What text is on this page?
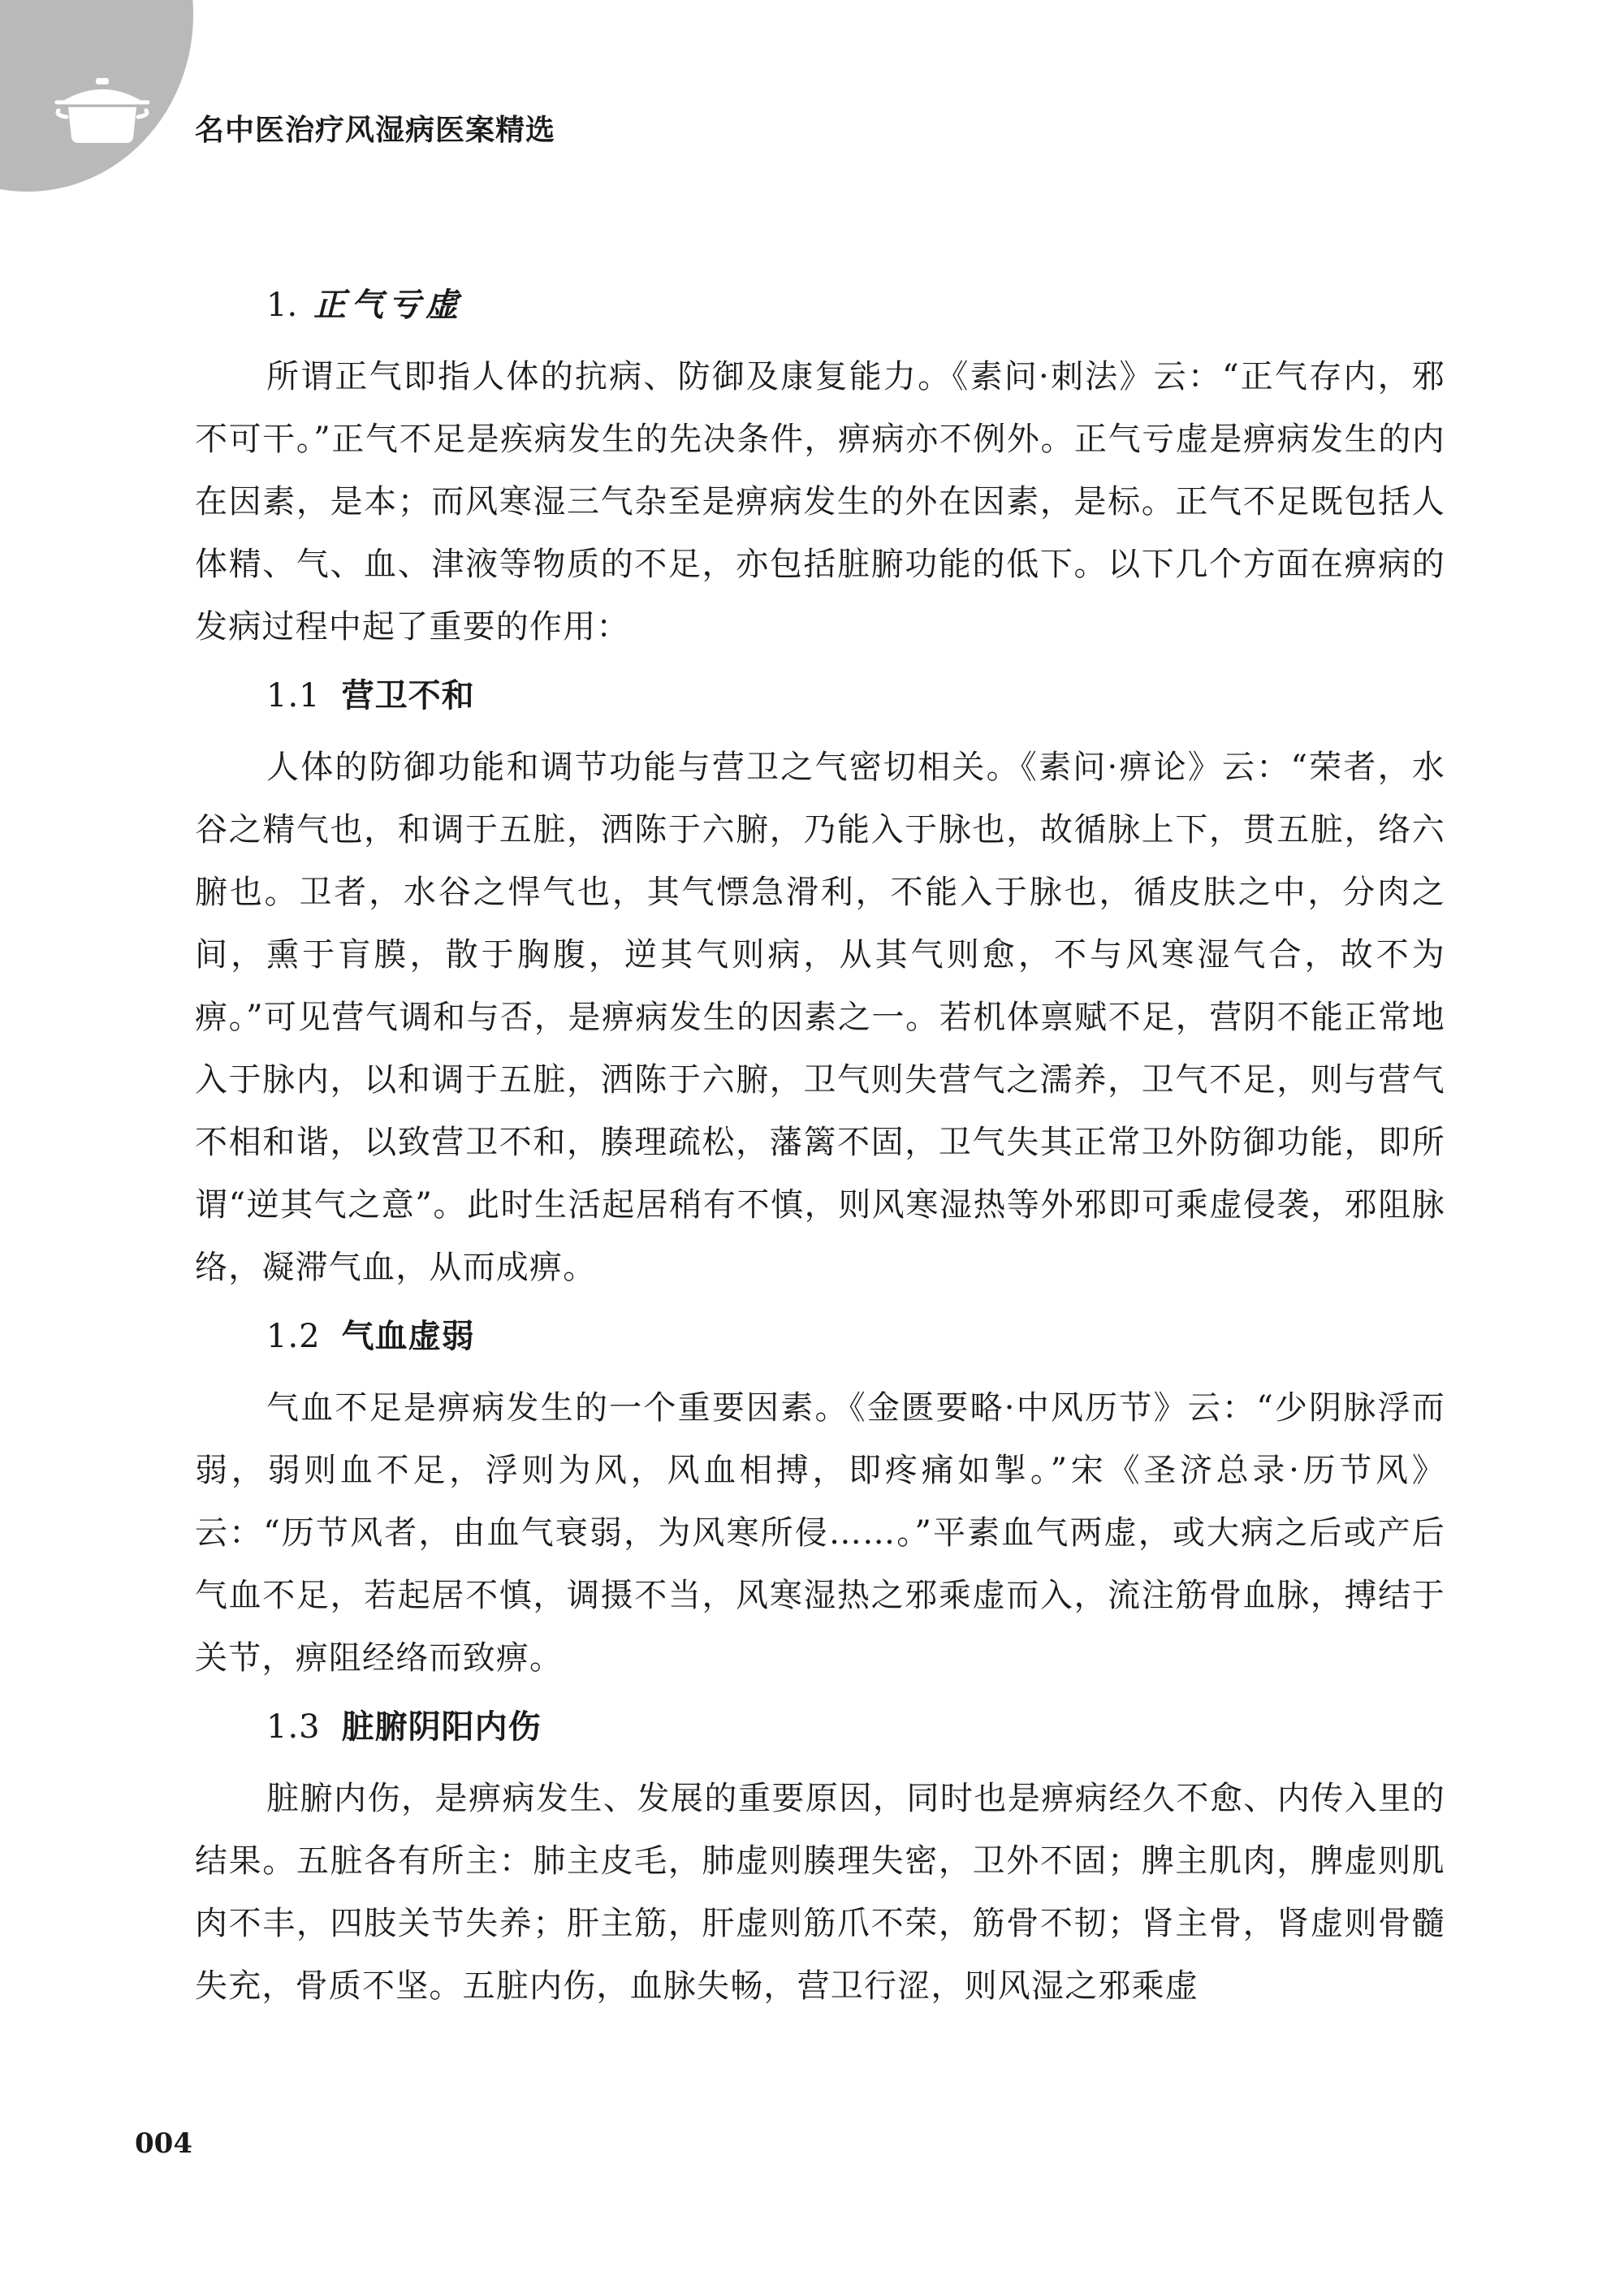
名中医治疗风湿病医案精选
1. 正气亏虚

所谓正气即指人体的抗病、防御及康复能力。《素问·刺法》云：“正气存内，邪不可干。”正气不足是疾病发生的先决条件，痹病亦不例外。正气亏虚是痹病发生的内在因素，是本；而风寒湿三气杂至是痹病发生的外在因素，是标。正气不足既包括人体精、气、血、津液等物质的不足，亦包括脏腑功能的低下。以下几个方面在痹病的发病过程中起了重要的作用：

1.1 营卫不和

人体的防御功能和调节功能与营卫之气密切相关。《素问·痹论》云：“荣者，水谷之精气也，和调于五脏，洒陈于六腑，乃能入于脉也，故循脉上下，贯五脏，络六腑也。卫者，水谷之悍气也，其气慓急滑利，不能入于脉也，循皮肤之中，分肉之间，熏于肓膜，散于胸腹，逆其气则病，从其气则愈，不与风寒湿气合，故不为痹。”可见营气调和与否，是痹病发生的因素之一。若机体禀赋不足，营阴不能正常地入于脉内，以和调于五脏，洒陈于六腑，卫气则失营气之濡养，卫气不足，则与营气不相和谐，以致营卫不和，腠理疏松，藩篱不固，卫气失其正常卫外防御功能，即所谓“逆其气之意”。此时生活起居稍有不慎，则风寒湿热等外邪即可乘虚侵袭，邪阻脉络，凝滞气血，从而成痹。

1.2 气血虚弱

气血不足是痹病发生的一个重要因素。《金匮要略·中风历节》云：“少阴脉浮而弱，弱则血不足，浮则为风，风血相搏，即疼痛如掣。”宋《圣济总录·历节风》云：“历节风者，由血气衰弱，为风寒所侵……。”平素血气两虚，或大病之后或产后气血不足，若起居不慎，调摄不当，风寒湿热之邪乘虚而入，流注筋骨血脉，搏结于关节，痹阻经络而致痹。

1.3 脏腑阴阳内伤

脏腑内伤，是痹病发生、发展的重要原因，同时也是痹病经久不愈、内传入里的结果。五脏各有所主：肺主皮毛，肺虚则腠理失密，卫外不固；脾主肌肉，脾虚则肌肉不丰，四肢关节失养；肝主筋，肝虚则筋爪不荣，筋骨不韧；肾主骨，肾虚则骨髓失充，骨质不坚。五脏内伤，血脉失畅，营卫行涩，则风湿之邪乘虚

004
